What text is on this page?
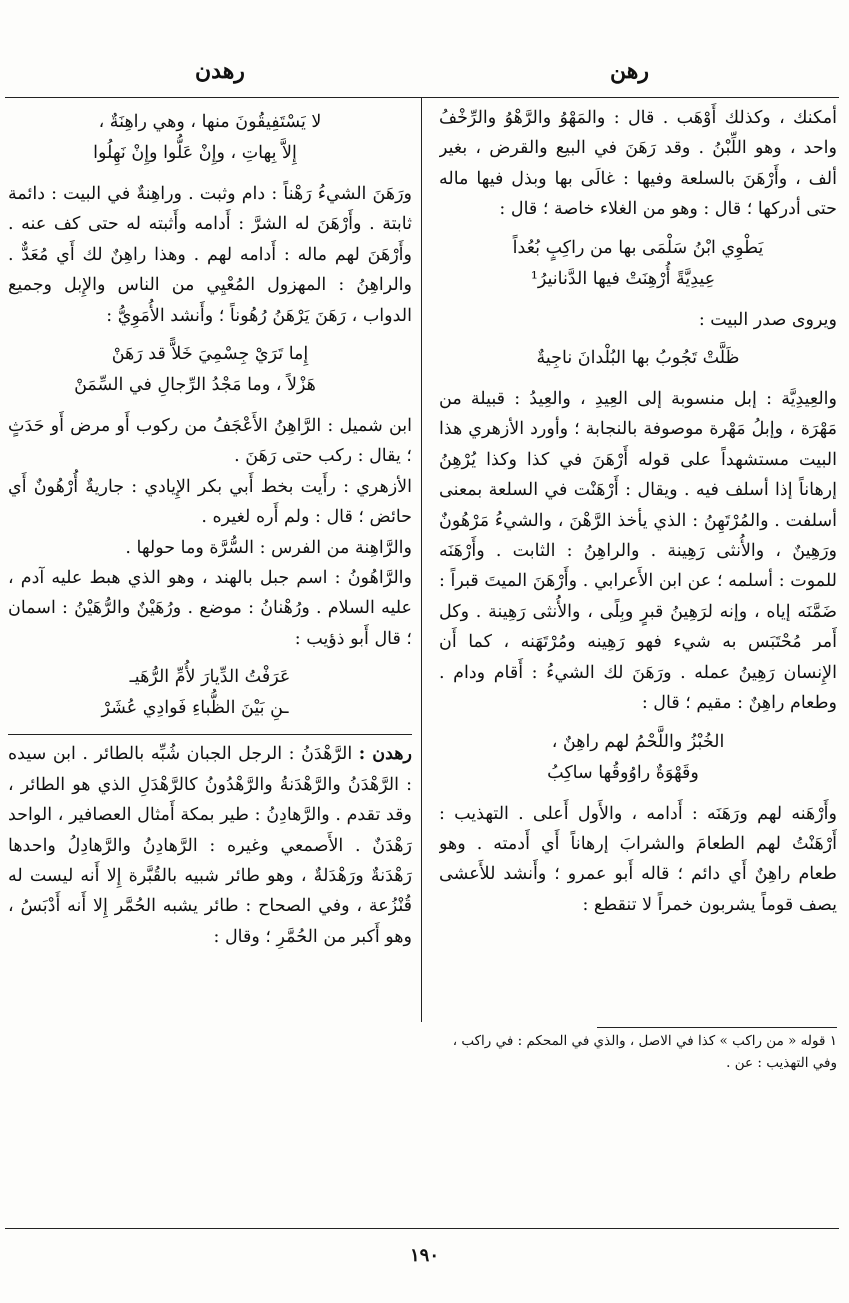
رهن
رهدن

أمكنك ، وكذلك أَوْهَب . قال : والمَهْوُ والرَّهْوُ والرِّخْفُ واحد ، وهو اللِّبْنُ . وقد رَهَنَ في البيع والقرض ، بغير ألف ، وأَرْهَنَ بالسلعة وفيها : غالَى بها وبذل فيها ماله حتى أدركها ؛ قال : وهو من الغلاء خاصة ؛ قال :

يَطْوِي ابْنُ سَلْمَى بها من راكِبٍ بُعُداً
عِيدِيَّةً أُرْهِنَتْ فيها الدَّنانيرُ¹

ويروى صدر البيت :

ظَلَّتْ تَجُوبُ بها البُلْدانَ ناجِيةٌ

والعِيدِيَّة : إبل منسوبة إلى العِيدِ ، والعِيدُ : قبيلة من مَهْرَة ، وإبلُ مَهْرة موصوفة بالنجابة ؛ وأورد الأزهري هذا البيت مستشهداً على قوله أَرْهَنَ في كذا وكذا يُرْهِنُ إرهاناً إذا أسلف فيه . ويقال : أَرْهَنْت في السلعة بمعنى أسلفت . والمُرْتَهِنُ : الذي يأخذ الرَّهْنَ ، والشيءُ مَرْهُونٌ ورَهِينٌ ، والأُنثى رَهِينة . والراهِنُ : الثابت . وأَرْهَنَه للموت : أسلمه ؛ عن ابن الأَعرابي . وأَرْهَنَ الميتَ قبراً : ضَمَّنَه إياه ، وإنه لرَهِينُ قبرٍ وبِلًى ، والأُنثى رَهِينة . وكل أَمر مُحْتَبَس به شيء فهو رَهِينه ومُرْتَهَنه ، كما أَن الإِنسان رَهِينُ عمله . ورَهَنَ لك الشيءُ : أَقام ودام . وطعام راهِنٌ : مقيم ؛ قال :

الخُبْزُ واللَّحْمُ لهم راهِنٌ ،
وقَهْوَةٌ راوُوقُها ساكِبُ

وأَرْهَنه لهم ورَهَنَه : أَدامه ، والأَول أَعلى . التهذيب : أَرْهَنْتُ لهم الطعامَ والشرابَ إرهاناً أَي أَدمته . وهو طعام راهِنٌ أَي دائم ؛ قاله أَبو عمرو ؛ وأَنشد للأَعشى يصف قوماً يشربون خمراً لا تنقطع :

لا يَسْتَفِيقُونَ منها ، وهي راهِنَةٌ ،
إِلاَّ بِهاتِ ، وإِنْ عَلُّوا وإِنْ نَهِلُوا

ورَهَنَ الشيءُ رَهْناً : دام وثبت . وراهِنةٌ في البيت : دائمة ثابتة . وأَرْهَنَ له الشرَّ : أَدامه وأَثبته له حتى كف عنه . وأَرْهَنَ لهم ماله : أَدامه لهم . وهذا راهِنٌ لك أَي مُعَدٌّ . والراهِنُ : المهزول المُعْيِي من الناس والإِبل وجميع الدواب ، رَهَنَ يَرْهَنُ رُهُوناً ؛ وأَنشد الأُمَوِيُّ :

إِما تَرَيْ جِسْمِيَ خَلاًّ قد رَهَنْ
هَزْلاً ، وما مَجْدُ الرِّجالِ في السِّمَنْ

ابن شميل : الرَّاهِنُ الأَعْجَفُ من ركوب أَو مرض أَو حَدَثٍ ؛ يقال : ركب حتى رَهَنَ .

الأزهري : رأَيت بخط أَبي بكر الإِيادي : جاريةٌ أُرْهُونٌ أَي حائض ؛ قال : ولم أَره لغيره .

والرَّاهِنة من الفرس : السُّرَّة وما حولها .

والرَّاهُونُ : اسم جبل بالهند ، وهو الذي هبط عليه آدم ، عليه السلام . ورُهْنانُ : موضع . ورُهَيْنٌ والرُّهَيْنُ : اسمان ؛ قال أَبو ذؤيب :

عَرَفْتُ الدِّيارَ لأُمِّ الرُّهَيـ
ـنِ بَيْنَ الظُّباءِ فَوادِي عُشَرْ

رهدن : الرَّهْدَنُ : الرجل الجبان شُبِّه بالطائر . ابن سيده : الرَّهْدَنُ والرَّهْدَنةُ والرَّهْدُونُ كالرَّهْدَلِ الذي هو الطائر ، وقد تقدم . والرَّهادِنُ : طير بمكة أَمثال العصافير ، الواحد رَهْدَنٌ . الأَصمعي وغيره : الرَّهادِنُ والرَّهادِلُ واحدها رَهْدَنةٌ ورَهْدَلةٌ ، وهو طائر شبيه بالقُبَّرة إِلا أَنه ليست له قُنْزُعة ، وفي الصحاح : طائر يشبه الحُمَّر إِلا أَنه أَدْبَسُ ، وهو أَكبر من الحُمَّرِ ؛ وقال :

١ قوله « من راكب » كذا في الاصل ، والذي في المحكم : في راكب ، وفي التهذيب : عن .
١٩٠
